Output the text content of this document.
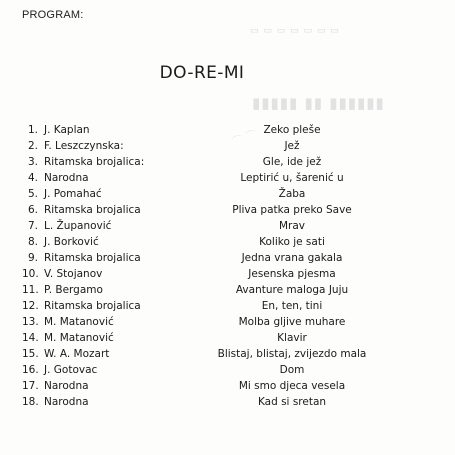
▭ ▭ ▭ ▭ ▭ ▭ ▭
▮▮▮▮▮ ▮▮ ▮▮▮▮▮▮
⌒ ⌒
PROGRAM:
DO-RE-MI
1. J. Kaplan	Zeko pleše
2. F. Leszczynska:	Jež
3. Ritamska brojalica:	Gle, ide jež
4. Narodna	Leptirić u, šarenić u
5. J. Pomahać	Žaba
6. Ritamska brojalica	Pliva patka preko Save
7. L. Županović	Mrav
8. J. Borković	Koliko je sati
9. Ritamska brojalica	Jedna vrana gakala
10. V. Stojanov	Jesenska pjesma
11. P. Bergamo	Avanture maloga Juju
12. Ritamska brojalica	En, ten, tini
13. M. Matanović	Molba gljive muhare
14. M. Matanović	Klavir
15. W. A. Mozart	Blistaj, blistaj, zvijezdo mala
16. J. Gotovac	Dom
17. Narodna	Mi smo djeca vesela
18. Narodna	Kad si sretan
